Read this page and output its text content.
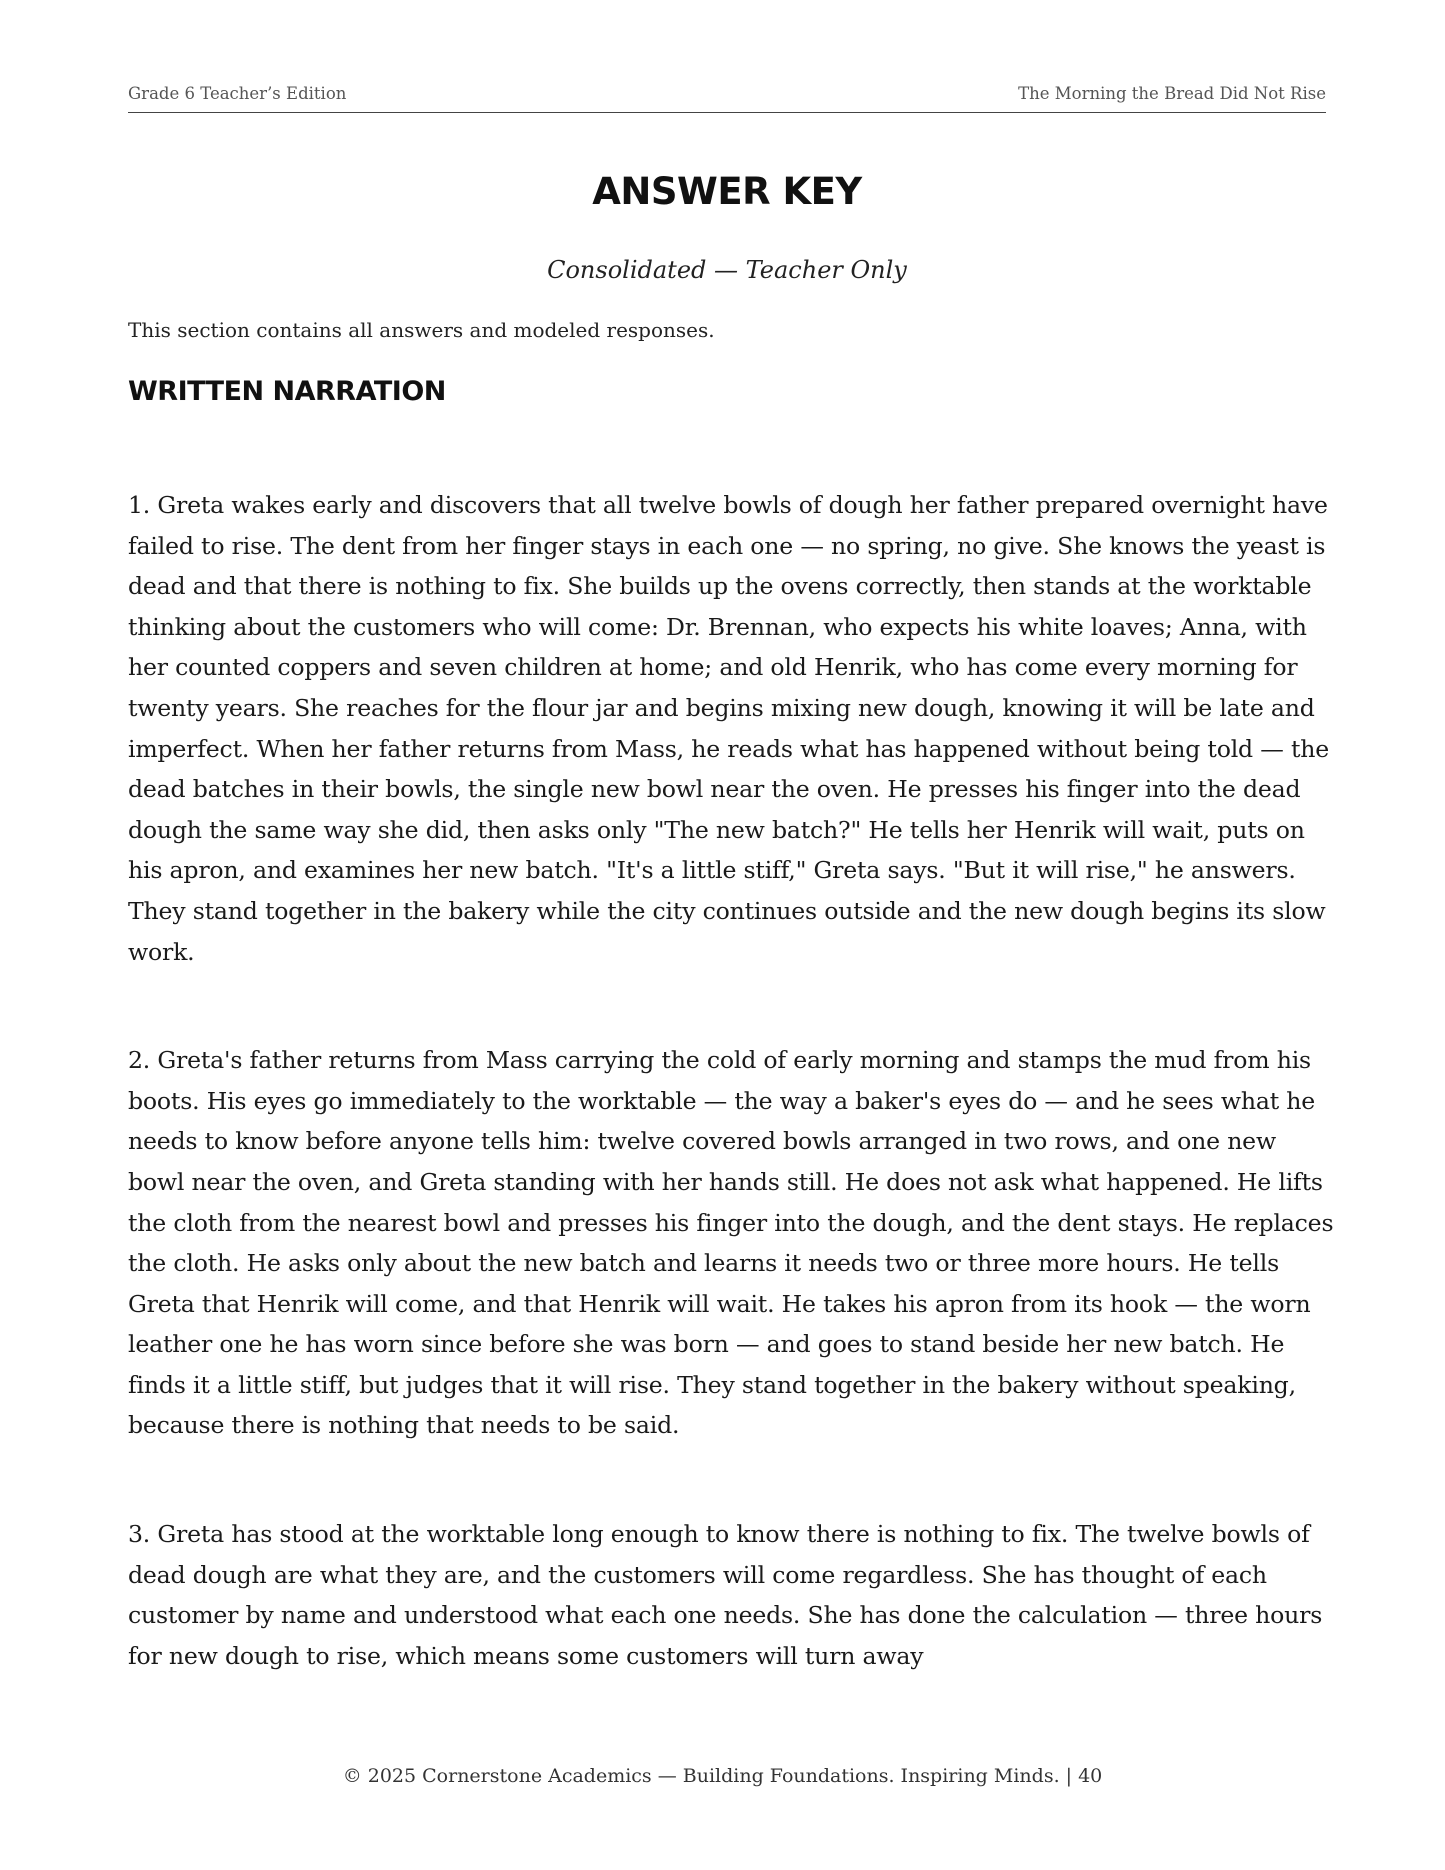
Grade 6 Teacher’s Edition	The Morning the Bread Did Not Rise
ANSWER KEY
Consolidated — Teacher Only
This section contains all answers and modeled responses.
WRITTEN NARRATION

1. Greta wakes early and discovers that all twelve bowls of dough her father prepared overnight have failed to rise. The dent from her finger stays in each one — no spring, no give. She knows the yeast is dead and that there is nothing to fix. She builds up the ovens correctly, then stands at the worktable thinking about the customers who will come: Dr. Brennan, who expects his white loaves; Anna, with her counted coppers and seven children at home; and old Henrik, who has come every morning for twenty years. She reaches for the flour jar and begins mixing new dough, knowing it will be late and imperfect. When her father returns from Mass, he reads what has happened without being told — the dead batches in their bowls, the single new bowl near the oven. He presses his finger into the dead dough the same way she did, then asks only "The new batch?" He tells her Henrik will wait, puts on his apron, and examines her new batch. "It's a little stiff," Greta says. "But it will rise," he answers. They stand together in the bakery while the city continues outside and the new dough begins its slow work.

2. Greta's father returns from Mass carrying the cold of early morning and stamps the mud from his boots. His eyes go immediately to the worktable — the way a baker's eyes do — and he sees what he needs to know before anyone tells him: twelve covered bowls arranged in two rows, and one new bowl near the oven, and Greta standing with her hands still. He does not ask what happened. He lifts the cloth from the nearest bowl and presses his finger into the dough, and the dent stays. He replaces the cloth. He asks only about the new batch and learns it needs two or three more hours. He tells Greta that Henrik will come, and that Henrik will wait. He takes his apron from its hook — the worn leather one he has worn since before she was born — and goes to stand beside her new batch. He finds it a little stiff, but judges that it will rise. They stand together in the bakery without speaking, because there is nothing that needs to be said.

3. Greta has stood at the worktable long enough to know there is nothing to fix. The twelve bowls of dead dough are what they are, and the customers will come regardless. She has thought of each customer by name and understood what each one needs. She has done the calculation — three hours for new dough to rise, which means some customers will turn away

© 2025 Cornerstone Academics — Building Foundations. Inspiring Minds. | 40
